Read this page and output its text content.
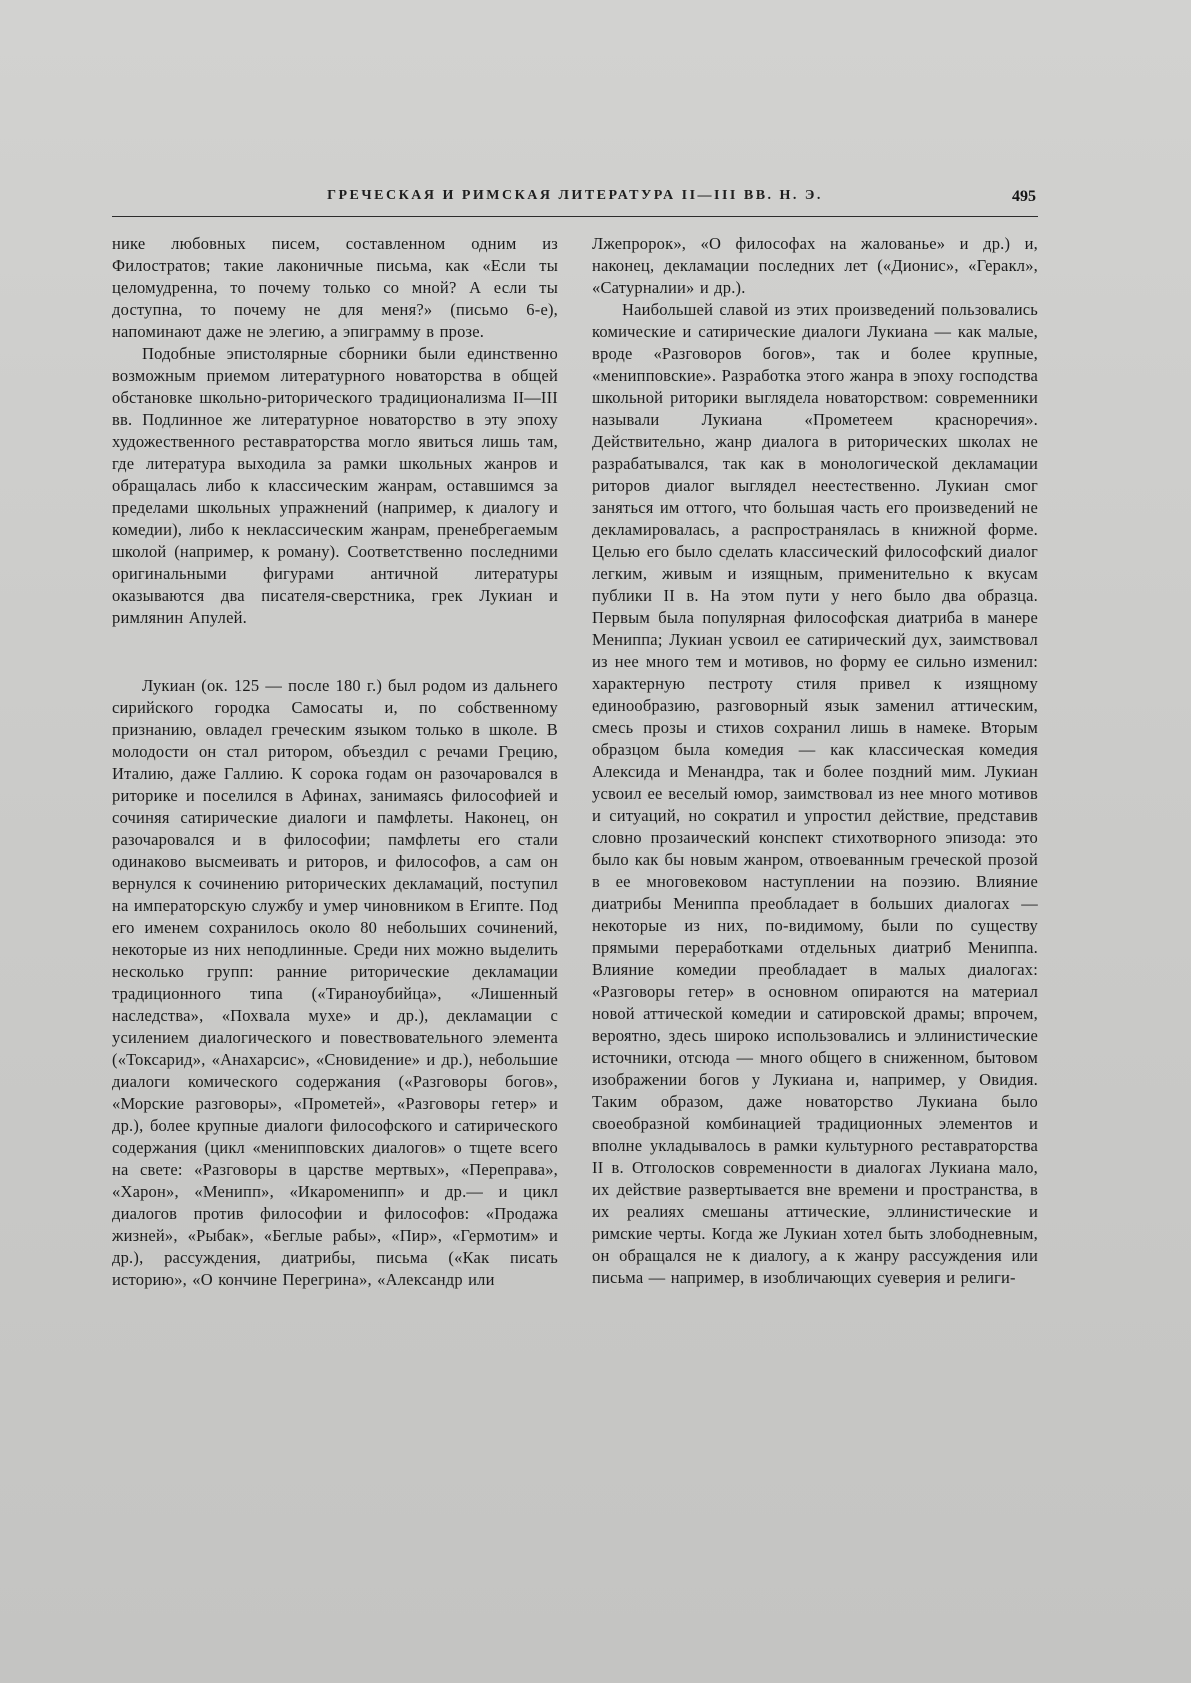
ГРЕЧЕСКАЯ И РИМСКАЯ ЛИТЕРАТУРА II—III ВВ. Н. Э.	495

нике любовных писем, составленном одним из Филостратов; такие лаконичные письма, как «Если ты целомудренна, то почему только со мной? А если ты доступна, то почему не для меня?» (письмо 6-е), напоминают даже не элегию, а эпиграмму в прозе.

Подобные эпистолярные сборники были единственно возможным приемом литературного новаторства в общей обстановке школьно-риторического традиционализма II—III вв. Подлинное же литературное новаторство в эту эпоху художественного реставраторства могло явиться лишь там, где литература выходила за рамки школьных жанров и обращалась либо к классическим жанрам, оставшимся за пределами школьных упражнений (например, к диалогу и комедии), либо к неклассическим жанрам, пренебрегаемым школой (например, к роману). Соответственно последними оригинальными фигурами античной литературы оказываются два писателя-сверстника, грек Лукиан и римлянин Апулей.

Лукиан (ок. 125 — после 180 г.) был родом из дальнего сирийского городка Самосаты и, по собственному признанию, овладел греческим языком только в школе. В молодости он стал ритором, объездил с речами Грецию, Италию, даже Галлию. К сорока годам он разочаровался в риторике и поселился в Афинах, занимаясь философией и сочиняя сатирические диалоги и памфлеты. Наконец, он разочаровался и в философии; памфлеты его стали одинаково высмеивать и риторов, и философов, а сам он вернулся к сочинению риторических декламаций, поступил на императорскую службу и умер чиновником в Египте. Под его именем сохранилось около 80 небольших сочинений, некоторые из них неподлинные. Среди них можно выделить несколько групп: ранние риторические декламации традиционного типа («Тираноубийца», «Лишенный наследства», «Похвала мухе» и др.), декламации с усилением диалогического и повествовательного элемента («Токсарид», «Анахарсис», «Сновидение» и др.), небольшие диалоги комического содержания («Разговоры богов», «Морские разговоры», «Прометей», «Разговоры гетер» и др.), более крупные диалоги философского и сатирического содержания (цикл «менипповских диалогов» о тщете всего на свете: «Разговоры в царстве мертвых», «Переправа», «Харон», «Менипп», «Икароменипп» и др.— и цикл диалогов против философии и философов: «Продажа жизней», «Рыбак», «Беглые рабы», «Пир», «Гермотим» и др.), рассуждения, диатрибы, письма («Как писать историю», «О кончине Перегрина», «Александр или

Лжепророк», «О философах на жалованье» и др.) и, наконец, декламации последних лет («Дионис», «Геракл», «Сатурналии» и др.).

Наибольшей славой из этих произведений пользовались комические и сатирические диалоги Лукиана — как малые, вроде «Разговоров богов», так и более крупные, «менипповские». Разработка этого жанра в эпоху господства школьной риторики выглядела новаторством: современники называли Лукиана «Прометеем красноречия». Действительно, жанр диалога в риторических школах не разрабатывался, так как в монологической декламации риторов диалог выглядел неестественно. Лукиан смог заняться им оттого, что большая часть его произведений не декламировалась, а распространялась в книжной форме. Целью его было сделать классический философский диалог легким, живым и изящным, применительно к вкусам публики II в. На этом пути у него было два образца. Первым была популярная философская диатриба в манере Мениппа; Лукиан усвоил ее сатирический дух, заимствовал из нее много тем и мотивов, но форму ее сильно изменил: характерную пестроту стиля привел к изящному единообразию, разговорный язык заменил аттическим, смесь прозы и стихов сохранил лишь в намеке. Вторым образцом была комедия — как классическая комедия Алексида и Менандра, так и более поздний мим. Лукиан усвоил ее веселый юмор, заимствовал из нее много мотивов и ситуаций, но сократил и упростил действие, представив словно прозаический конспект стихотворного эпизода: это было как бы новым жанром, отвоеванным греческой прозой в ее многовековом наступлении на поэзию. Влияние диатрибы Мениппа преобладает в больших диалогах — некоторые из них, по-видимому, были по существу прямыми переработками отдельных диатриб Мениппа. Влияние комедии преобладает в малых диалогах: «Разговоры гетер» в основном опираются на материал новой аттической комедии и сатировской драмы; впрочем, вероятно, здесь широко использовались и эллинистические источники, отсюда — много общего в сниженном, бытовом изображении богов у Лукиана и, например, у Овидия. Таким образом, даже новаторство Лукиана было своеобразной комбинацией традиционных элементов и вполне укладывалось в рамки культурного реставраторства II в. Отголосков современности в диалогах Лукиана мало, их действие развертывается вне времени и пространства, в их реалиях смешаны аттические, эллинистические и римские черты. Когда же Лукиан хотел быть злободневным, он обращался не к диалогу, а к жанру рассуждения или письма — например, в изобличающих суеверия и религи-
